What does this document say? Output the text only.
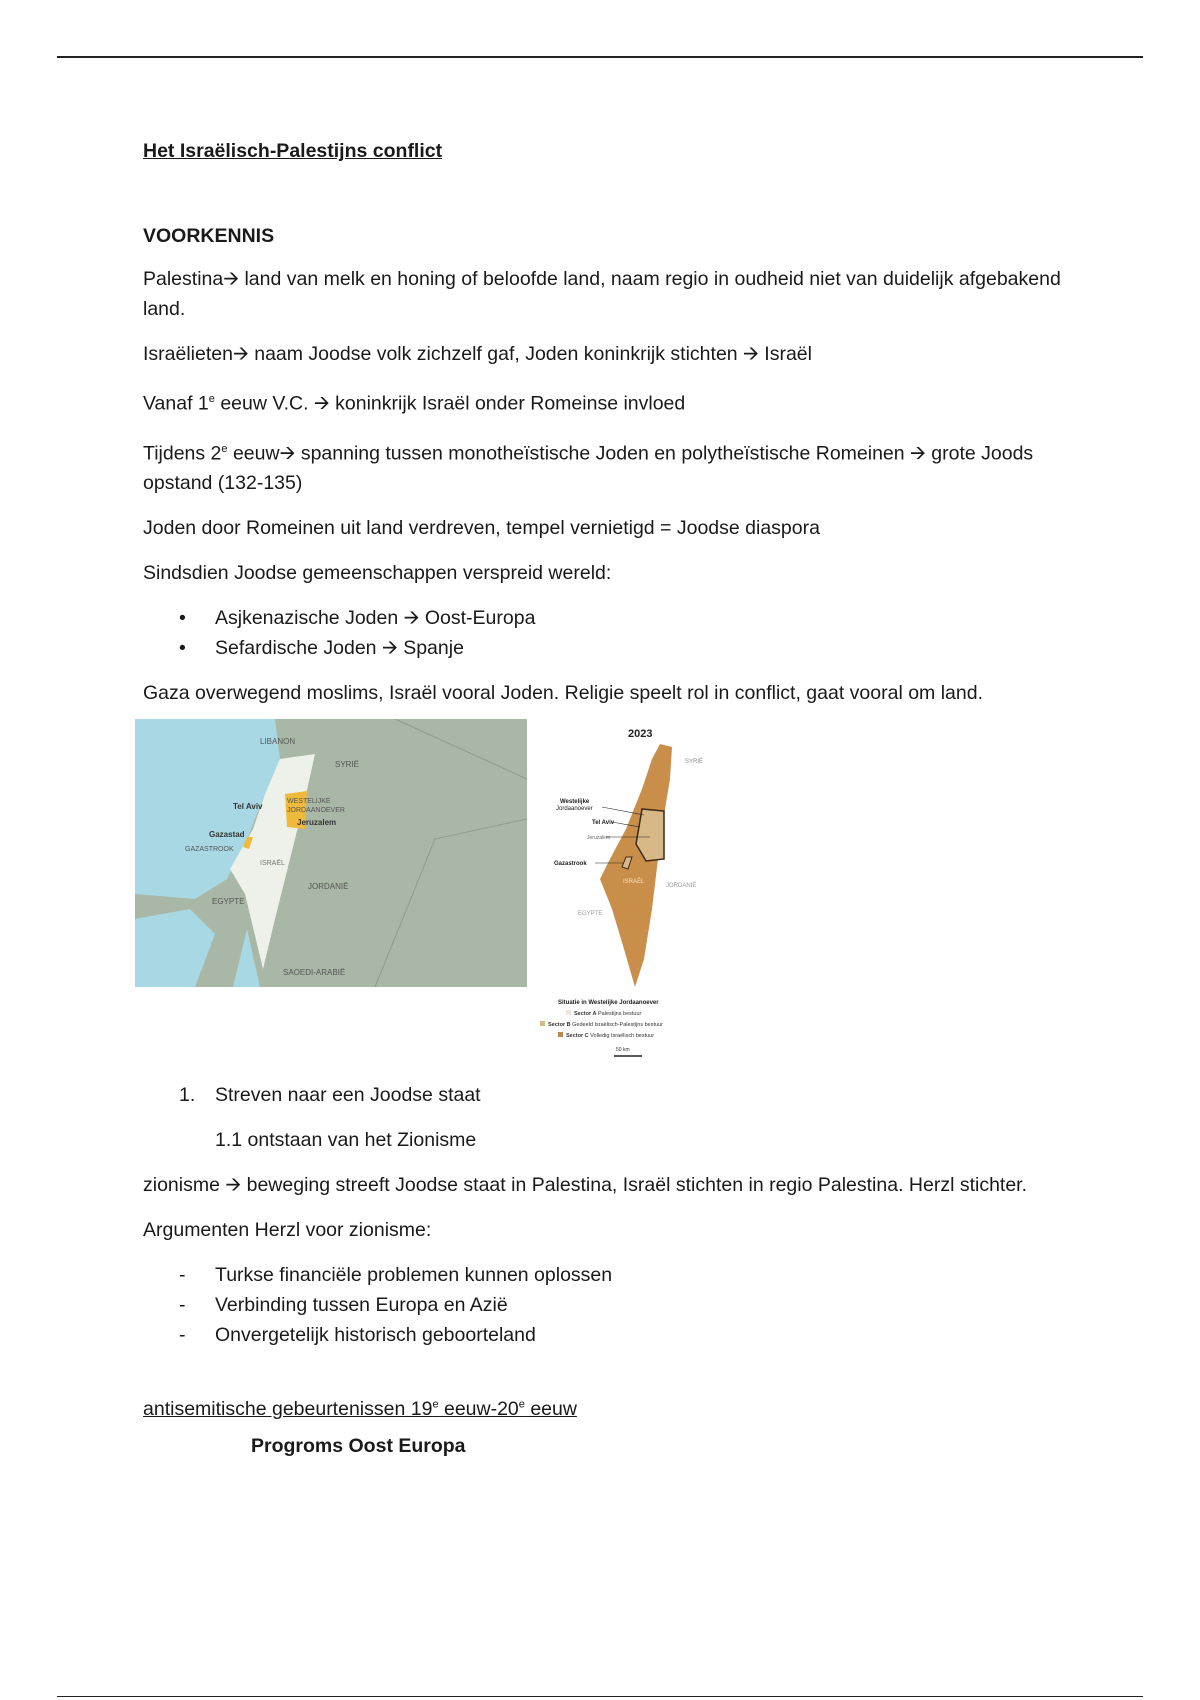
Het Israëlisch-Palestijns conflict
VOORKENNIS

Palestina🡪 land van melk en honing of beloofde land, naam regio in oudheid niet van duidelijk afgebakend land.

Israëlieten🡪 naam Joodse volk zichzelf gaf, Joden koninkrijk stichten 🡪 Israël

Vanaf 1e eeuw V.C. 🡪 koninkrijk Israël onder Romeinse invloed

Tijdens 2e eeuw🡪 spanning tussen monotheïstische Joden en polytheïstische Romeinen 🡪 grote Joods opstand (132-135)

Joden door Romeinen uit land verdreven, tempel vernietigd = Joodse diaspora

Sindsdien Joodse gemeenschappen verspreid wereld:

• Asjkenazische Joden 🡪 Oost-Europa
• Sefardische Joden 🡪 Spanje

Gaza overwegend moslims, Israël vooral Joden. Religie speelt rol in conflict, gaat vooral om land.

LIBANON
SYRIË
Tel Aviv
WESTELIJKE
JORDAANOEVER
Jeruzalem
Gazastad
GAZASTROOK
ISRAËL
EGYPTE
JORDANIË
SAOEDI-ARABIË
2023
SYRIË
Westelijke
Jordaanoever
Tel Aviv
Jeruzalem
Gazastrook
ISRAËL
JORDANIË
EGYPTE
Situatie in Westelijke Jordaanoever
Sector A Palestijns bestuur
Sector B Gedeeld Israëlisch-Palestijns bestuur
Sector C Volledig Israëlisch bestuur
50 km
1. Streven naar een Joodse staat
1.1 ontstaan van het Zionisme

zionisme 🡪 beweging streeft Joodse staat in Palestina, Israël stichten in regio Palestina. Herzl stichter.

Argumenten Herzl voor zionisme:

- Turkse financiële problemen kunnen oplossen
- Verbinding tussen Europa en Azië
- Onvergetelijk historisch geboorteland
antisemitische gebeurtenissen 19e eeuw-20e eeuw
Progroms Oost Europa
